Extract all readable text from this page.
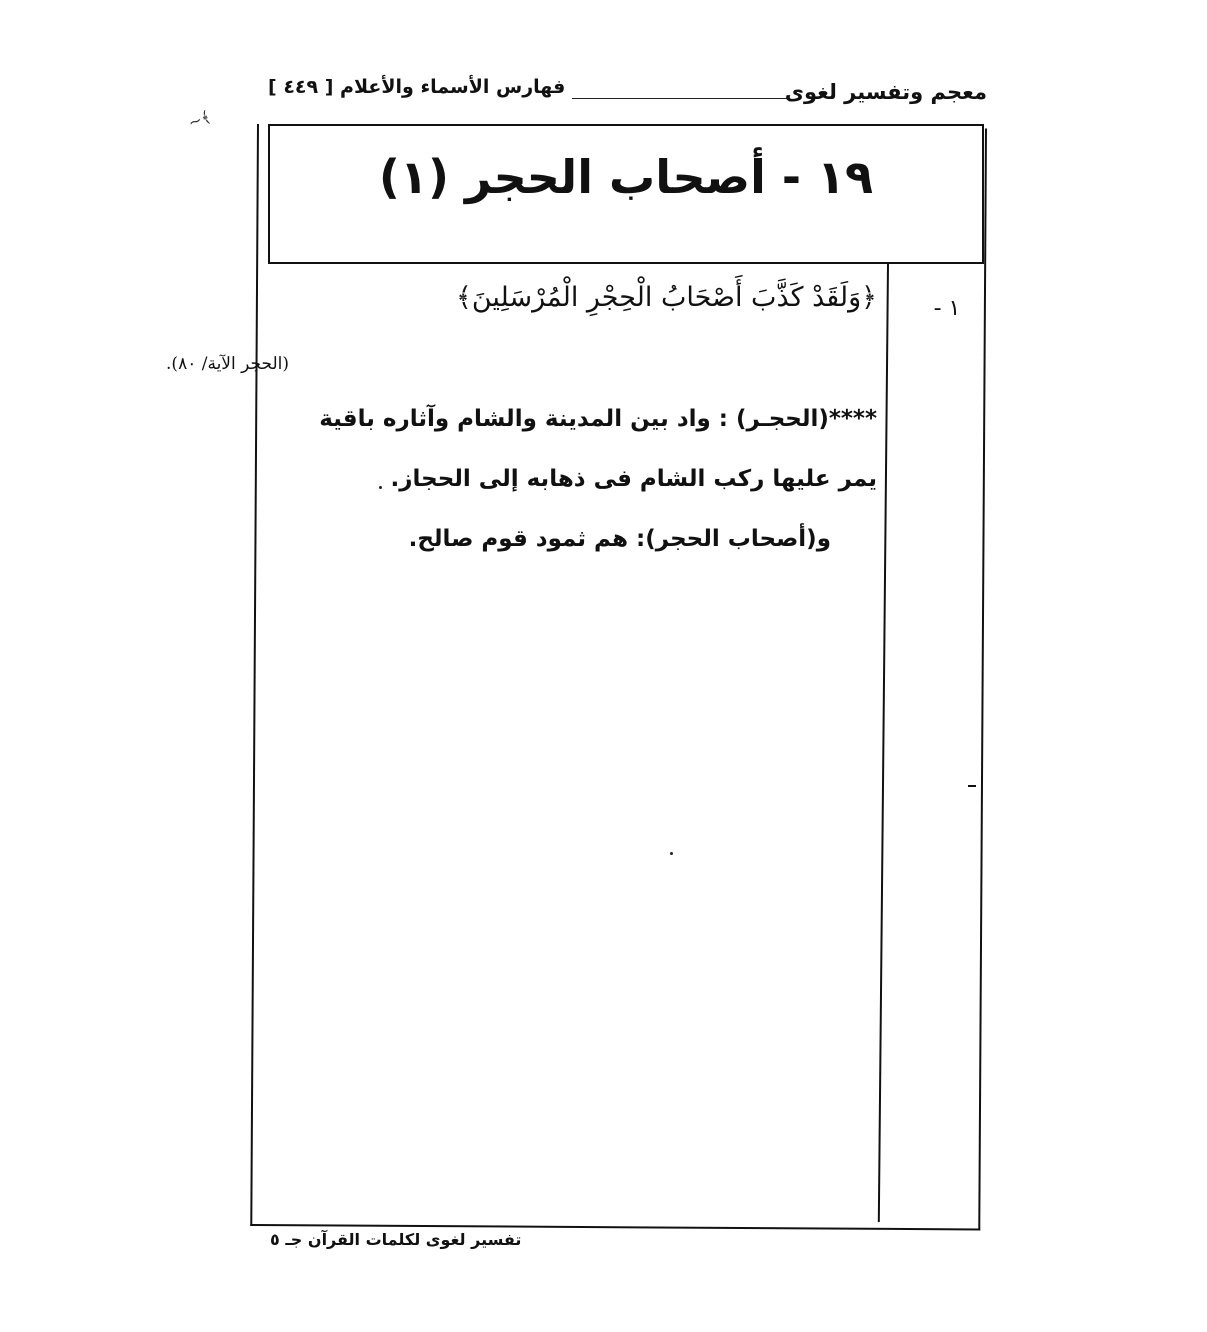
فهارس الأسماء والأعلام [ ٤٤٩ ]	معجم وتفسير لغوى
~﴾
١٩ - أصحاب الحجر (١)
١ -
﴿وَلَقَدْ كَذَّبَ أَصْحَابُ الْحِجْرِ الْمُرْسَلِينَ﴾
(الحجر الآية/ ٨٠).
****(الحجـر) : واد بين المدينة والشام وآثاره باقية
يمر عليها ركب الشام فى ذهابه إلى الحجاز.
و(أصحاب الحجر): هم ثمود قوم صالح.
تفسير لغوى لكلمات القرآن جـ ٥
